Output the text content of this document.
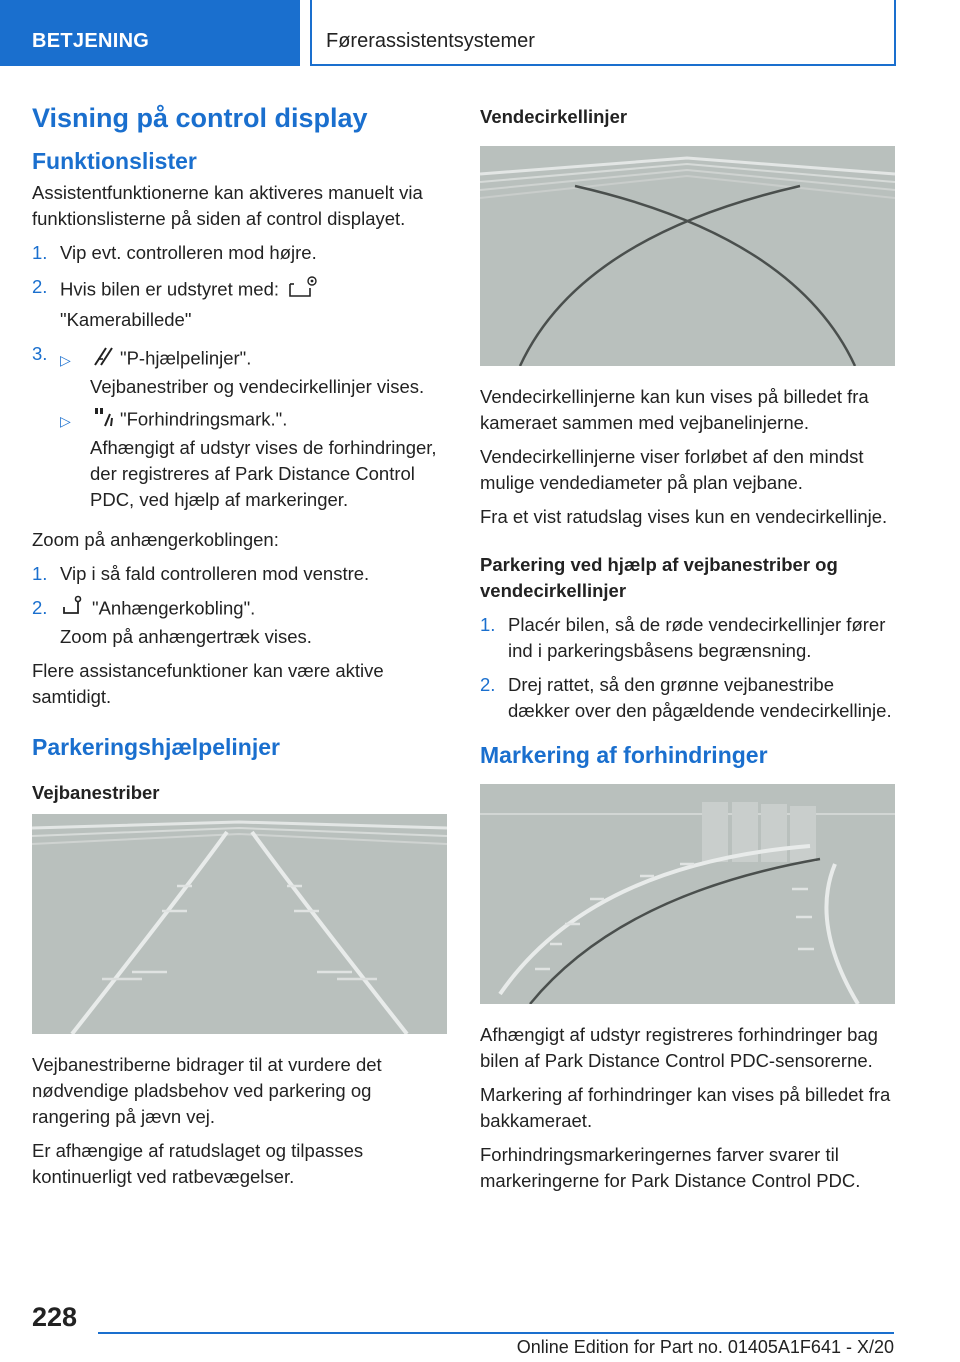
BETJENING	Førerassistentsystemer
Visning på control display
Funktionslister
Assistentfunktionerne kan aktiveres manuelt via funktionslisterne på siden af control displayet.
1. Vip evt. controlleren mod højre.
2. Hvis bilen er udstyret med:
"Kamerabillede"
3. ▷	"P-hjælpelinjer".
Vejbanestriber og vendecirkellinjer vises.
▷	"Forhindringsmark.".
Afhængigt af udstyr vises de forhindringer, der registreres af Park Distance Control PDC, ved hjælp af markeringer.
Zoom på anhængerkoblingen:
1. Vip i så fald controlleren mod venstre.
2.	"Anhængerkobling".
Zoom på anhængertræk vises.
Flere assistancefunktioner kan være aktive samtidigt.
Parkeringshjælpelinjer
Vejbanestriber
Vejbanestriberne bidrager til at vurdere det nødvendige pladsbehov ved parkering og rangering på jævn vej.
Er afhængige af ratudslaget og tilpasses kontinuerligt ved ratbevægelser.
Vendecirkellinjer
Vendecirkellinjerne kan kun vises på billedet fra kameraet sammen med vejbanelinjerne.
Vendecirkellinjerne viser forløbet af den mindst mulige vendediameter på plan vejbane.
Fra et vist ratudslag vises kun en vendecirkellinje.
Parkering ved hjælp af vejbanestriber og vendecirkellinjer
1. Placér bilen, så de røde vendecirkellinjer fører ind i parkeringsbåsens begrænsning.
2. Drej rattet, så den grønne vejbanestribe dækker over den pågældende vendecirkellinje.
Markering af forhindringer
Afhængigt af udstyr registreres forhindringer bag bilen af Park Distance Control PDC-sensorerne.
Markering af forhindringer kan vises på billedet fra bakkameraet.
Forhindringsmarkeringernes farver svarer til markeringerne for Park Distance Control PDC.
228
Online Edition for Part no. 01405A1F641 - X/20
